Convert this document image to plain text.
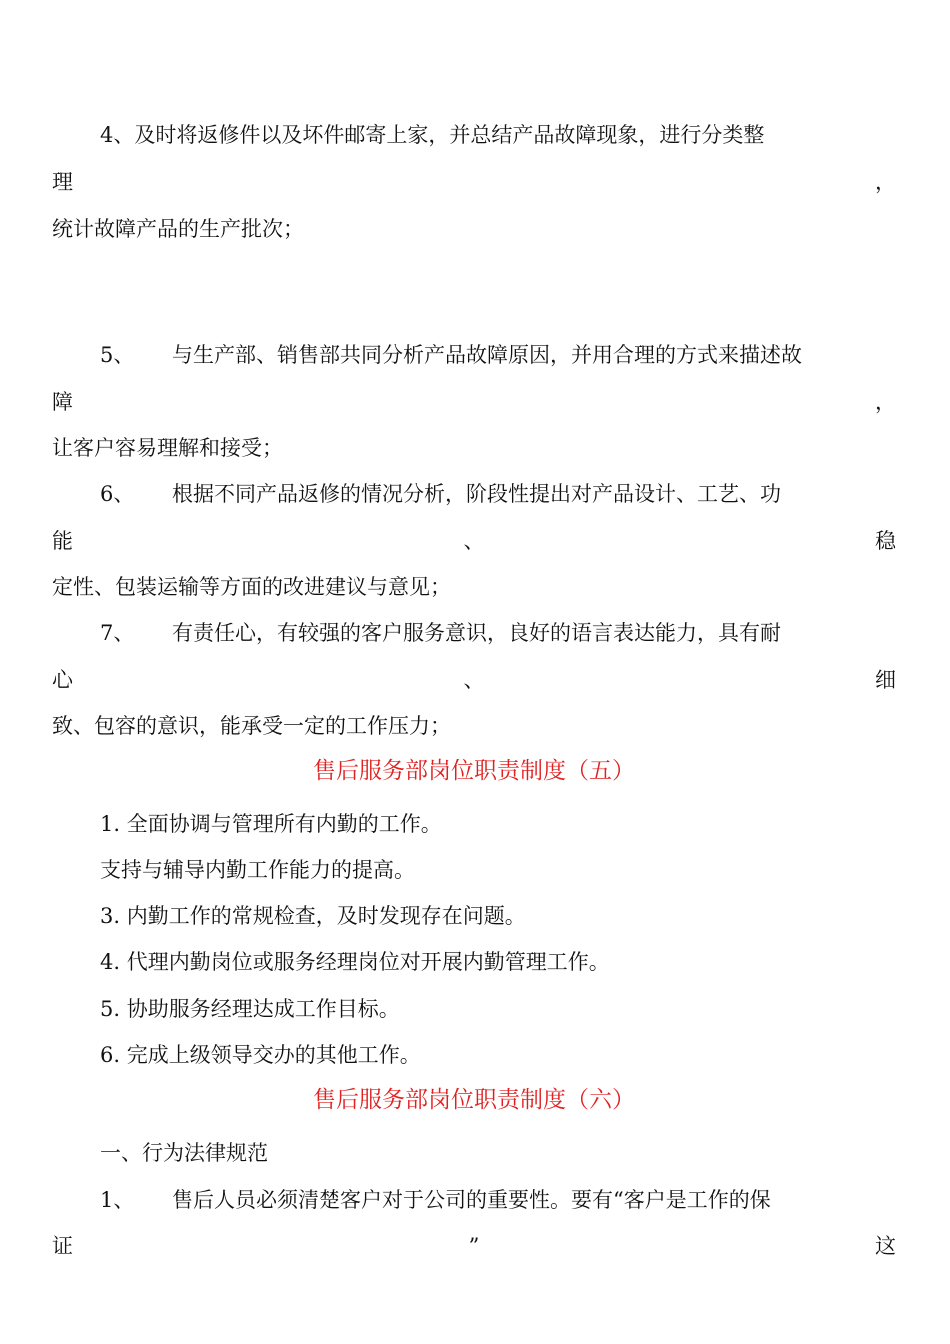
4、及时将返修件以及坏件邮寄上家，并总结产品故障现象，进行分类整
理	，
统计故障产品的生产批次；
5、 与生产部、销售部共同分析产品故障原因，并用合理的方式来描述故
障	，
让客户容易理解和接受；
6、 根据不同产品返修的情况分析，阶段性提出对产品设计、工艺、功
能	、	稳
定性、包装运输等方面的改进建议与意见；
7、 有责任心，有较强的客户服务意识，良好的语言表达能力，具有耐
心	、	细
致、包容的意识，能承受一定的工作压力；
售后服务部岗位职责制度（五）
1. 全面协调与管理所有内勤的工作。
支持与辅导内勤工作能力的提高。
3. 内勤工作的常规检查，及时发现存在问题。
4. 代理内勤岗位或服务经理岗位对开展内勤管理工作。
5. 协助服务经理达成工作目标。
6. 完成上级领导交办的其他工作。
售后服务部岗位职责制度（六）
一、行为法律规范
1、 售后人员必须清楚客户对于公司的重要性。要有“客户是工作的保
证	”	这
